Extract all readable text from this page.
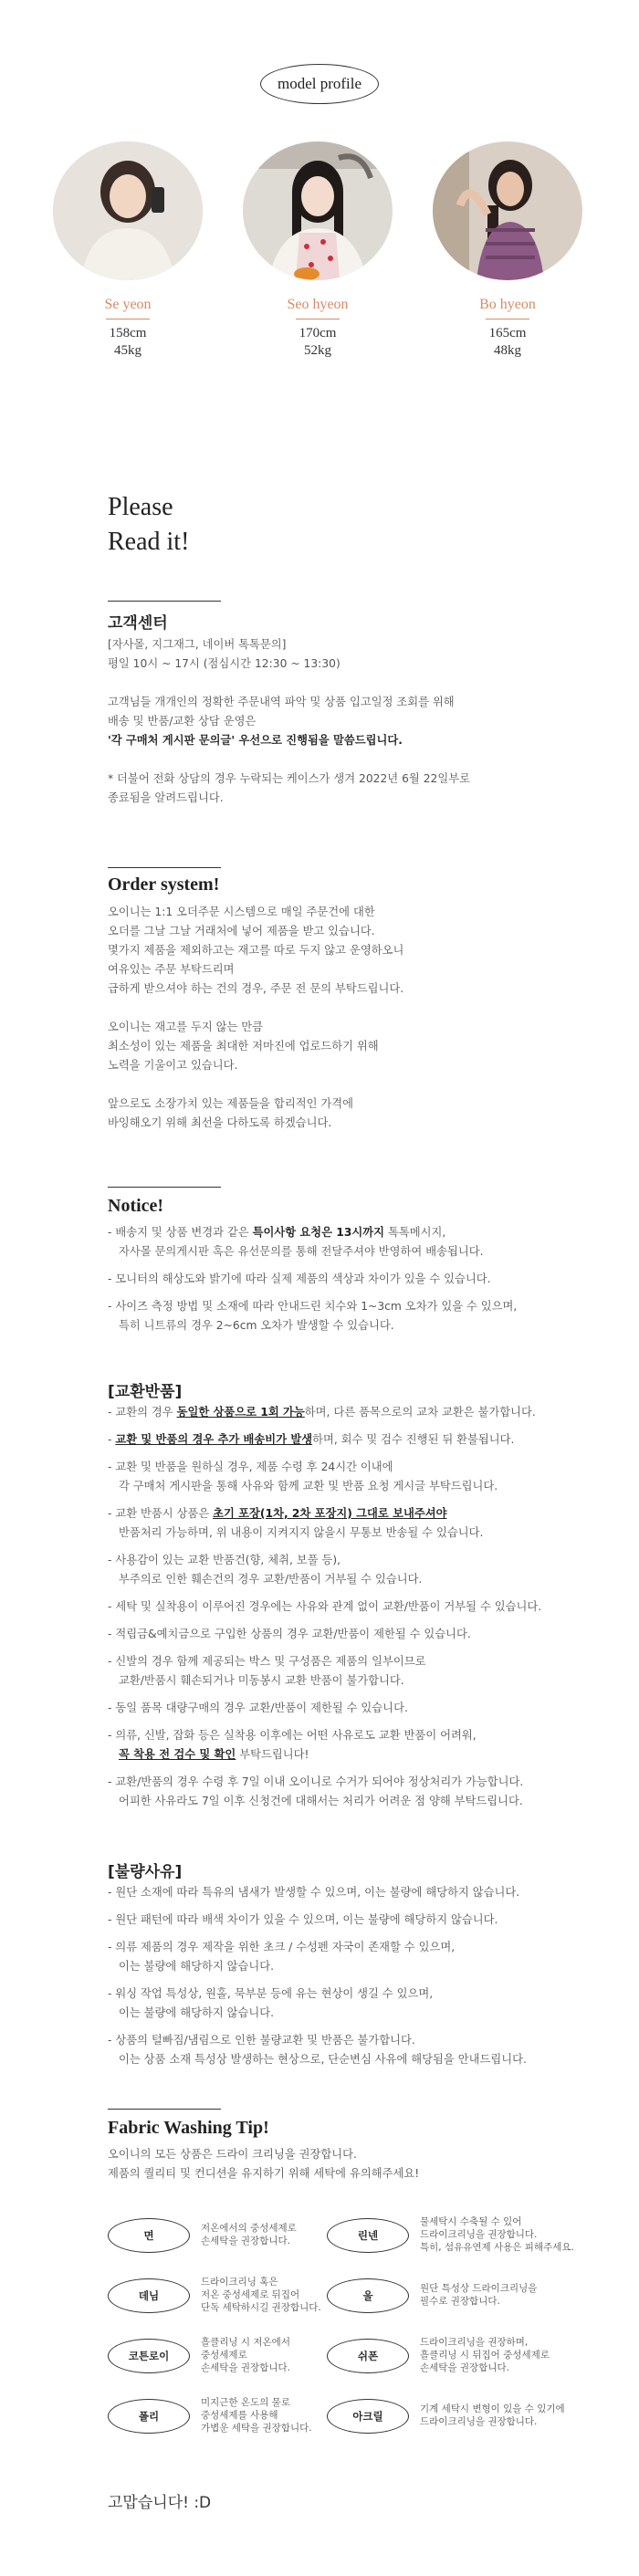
model profile
Se yeon
158cm
45kg
Seo hyeon
170cm
52kg
Bo hyeon
165cm
48kg
Please
Read it!
고객센터
[자사몰, 지그재그, 네이버 톡톡문의]
평일 10시 ~ 17시 (점심시간 12:30 ~ 13:30)
고객님들 개개인의 정확한 주문내역 파악 및 상품 입고일정 조회를 위해
배송 및 반품/교환 상담 운영은
'각 구매처 게시판 문의글' 우선으로 진행됨을 말씀드립니다.
* 더불어 전화 상담의 경우 누락되는 케이스가 생겨 2022년 6월 22일부로
종료됨을 알려드립니다.
Order system!
오이니는 1:1 오더주문 시스템으로 매일 주문건에 대한
오더를 그날 그날 거래처에 넣어 제품을 받고 있습니다.
몇가지 제품을 제외하고는 재고를 따로 두지 않고 운영하오니
여유있는 주문 부탁드리며
급하게 받으셔야 하는 건의 경우, 주문 전 문의 부탁드립니다.
오이니는 재고를 두지 않는 만큼
최소성이 있는 제품을 최대한 저마진에 업로드하기 위해
노력을 기울이고 있습니다.
앞으로도 소장가치 있는 제품들을 합리적인 가격에
바잉해오기 위해 최선을 다하도록 하겠습니다.
Notice!
- 배송지 및 상품 변경과 같은 특이사항 요청은 13시까지 톡톡메시지,
자사몰 문의게시판 혹은 유선문의를 통해 전달주셔야 반영하여 배송됩니다.
- 모니터의 해상도와 밝기에 따라 실제 제품의 색상과 차이가 있을 수 있습니다.
- 사이즈 측정 방법 및 소재에 따라 안내드린 치수와 1~3cm 오차가 있을 수 있으며,
특히 니트류의 경우 2~6cm 오차가 발생할 수 있습니다.
[교환반품]
- 교환의 경우 동일한 상품으로 1회 가능하며, 다른 품목으로의 교차 교환은 불가합니다.
- 교환 및 반품의 경우 추가 배송비가 발생하며, 회수 및 검수 진행된 뒤 환불됩니다.
- 교환 및 반품을 원하실 경우, 제품 수령 후 24시간 이내에
각 구매처 게시판을 통해 사유와 함께 교환 및 반품 요청 게시글 부탁드립니다.
- 교환 반품시 상품은 초기 포장(1차, 2차 포장지) 그대로 보내주셔야
반품처리 가능하며, 위 내용이 지켜지지 않을시 무통보 반송될 수 있습니다.
- 사용감이 있는 교환 반품건(향, 체취, 보풀 등),
부주의로 인한 훼손건의 경우 교환/반품이 거부될 수 있습니다.
- 세탁 및 실착용이 이루어진 경우에는 사유와 관계 없이 교환/반품이 거부될 수 있습니다.
- 적립금&예치금으로 구입한 상품의 경우 교환/반품이 제한될 수 있습니다.
- 신발의 경우 함께 제공되는 박스 및 구성품은 제품의 일부이므로
교환/반품시 훼손되거나 미동봉시 교환 반품이 불가합니다.
- 동일 품목 대량구매의 경우 교환/반품이 제한될 수 있습니다.
- 의류, 신발, 잡화 등은 실착용 이후에는 어떤 사유로도 교환 반품이 어려워,
꼭 착용 전 검수 및 확인 부탁드립니다!
- 교환/반품의 경우 수령 후 7일 이내 오이니로 수거가 되어야 정상처리가 가능합니다.
어피한 사유라도 7일 이후 신청건에 대해서는 처리가 어려운 점 양해 부탁드립니다.
[불량사유]
- 원단 소재에 따라 특유의 냄새가 발생할 수 있으며, 이는 불량에 해당하지 않습니다.
- 원단 패턴에 따라 배색 차이가 있을 수 있으며, 이는 불량에 해당하지 않습니다.
- 의류 제품의 경우 제작을 위한 초크 / 수성펜 자국이 존재할 수 있으며,
이는 불량에 해당하지 않습니다.
- 워싱 작업 특성상, 원홀, 묵부분 등에 유는 현상이 생길 수 있으며,
이는 불량에 해당하지 않습니다.
- 상품의 털빠짐/냄림으로 인한 불량교환 및 반품은 불가합니다.
이는 상품 소재 특성상 발생하는 현상으로, 단순변심 사유에 해당됨을 안내드립니다.
Fabric Washing Tip!
오이니의 모든 상품은 드라이 크리닝을 권장합니다.
제품의 퀄리티 및 컨디션을 유지하기 위해 세탁에 유의해주세요!
면
저온에서의 중성세제로
손세탁을 권장합니다.	린넨
물세탁시 수축될 수 있어
드라이크리닝을 권장합니다.
특히, 섬유유연제 사용은 피해주세요.
데님
드라이크리닝 혹은
저온 중성세제로 뒤집어
단독 세탁하시길 권장합니다.
울
원단 특성상 드라이크리닝을
필수로 권장합니다.
코튼로이
흘클리닝 시 저온에서
중성세제로
손세탁을 권장합니다.
쉬폰
드라이크리닝을 권장하며,
흘클리닝 시 뒤집어 중성세제로
손세탁을 권장합니다.
폴리
미지근한 온도의 물로
중성세제를 사용해
가볍운 세탁을 권장합니다.
아크릴
기계 세탁시 변형이 있을 수 있기에
드라이크리닝을 권장합니다.
고맙습니다! :D
